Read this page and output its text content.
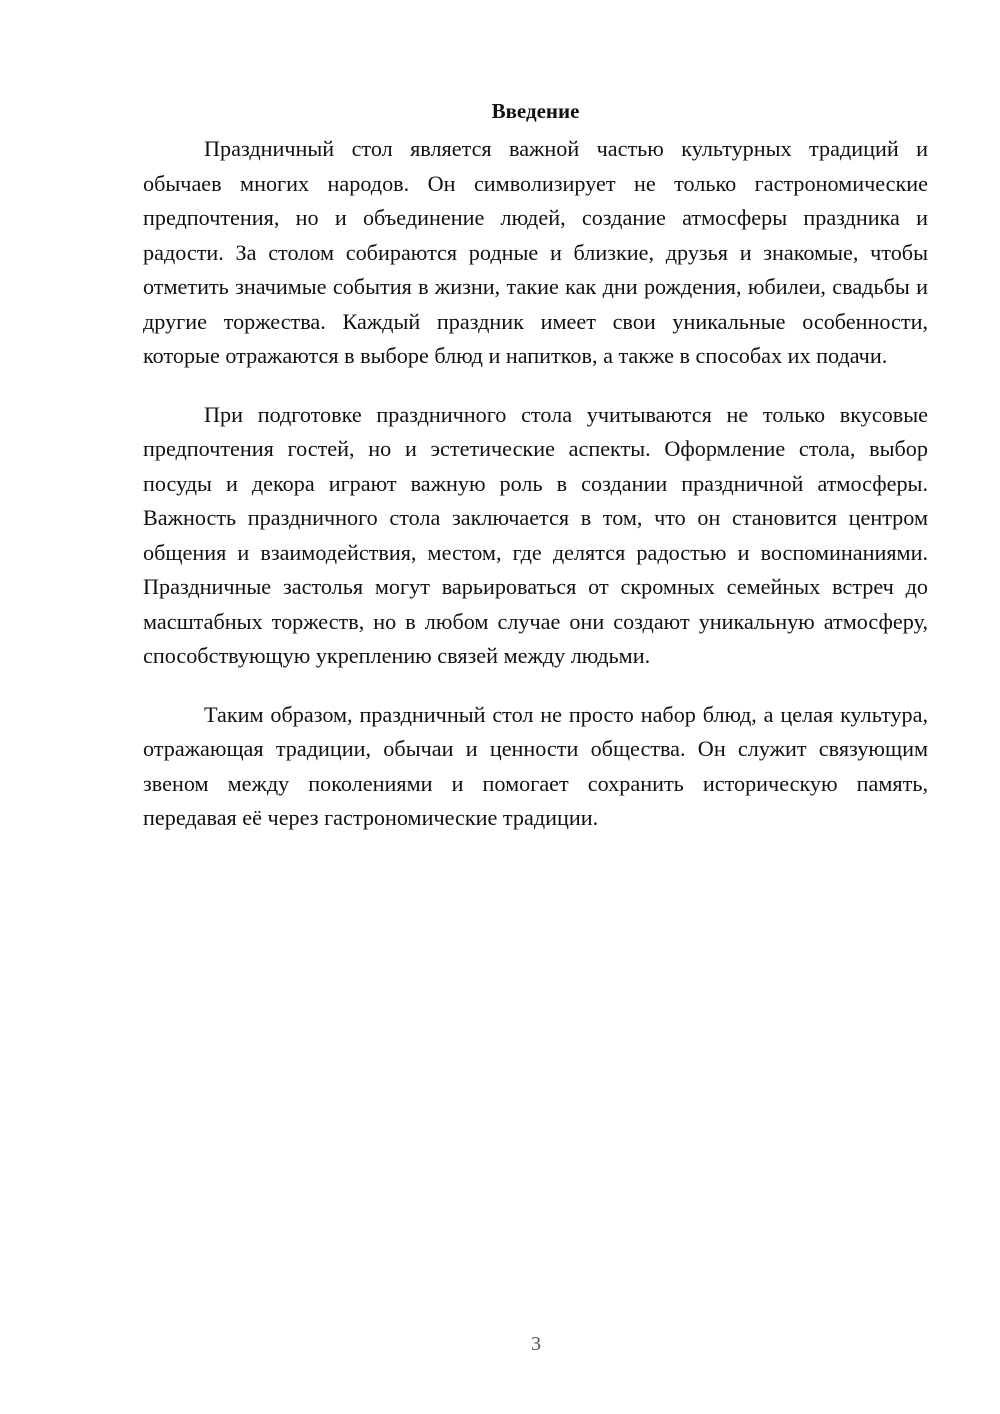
Введение

Праздничный стол является важной частью культурных традиций и обычаев многих народов. Он символизирует не только гастрономические предпочтения, но и объединение людей, создание атмосферы праздника и радости. За столом собираются родные и близкие, друзья и знакомые, чтобы отметить значимые события в жизни, такие как дни рождения, юбилеи, свадьбы и другие торжества. Каждый праздник имеет свои уникальные особенности, которые отражаются в выборе блюд и напитков, а также в способах их подачи.

При подготовке праздничного стола учитываются не только вкусовые предпочтения гостей, но и эстетические аспекты. Оформление стола, выбор посуды и декора играют важную роль в создании праздничной атмосферы. Важность праздничного стола заключается в том, что он становится центром общения и взаимодействия, местом, где делятся радостью и воспоминаниями. Праздничные застолья могут варьироваться от скромных семейных встреч до масштабных торжеств, но в любом случае они создают уникальную атмосферу, способствующую укреплению связей между людьми.

Таким образом, праздничный стол не просто набор блюд, а целая культура, отражающая традиции, обычаи и ценности общества. Он служит связующим звеном между поколениями и помогает сохранить историческую память, передавая её через гастрономические традиции.

3
